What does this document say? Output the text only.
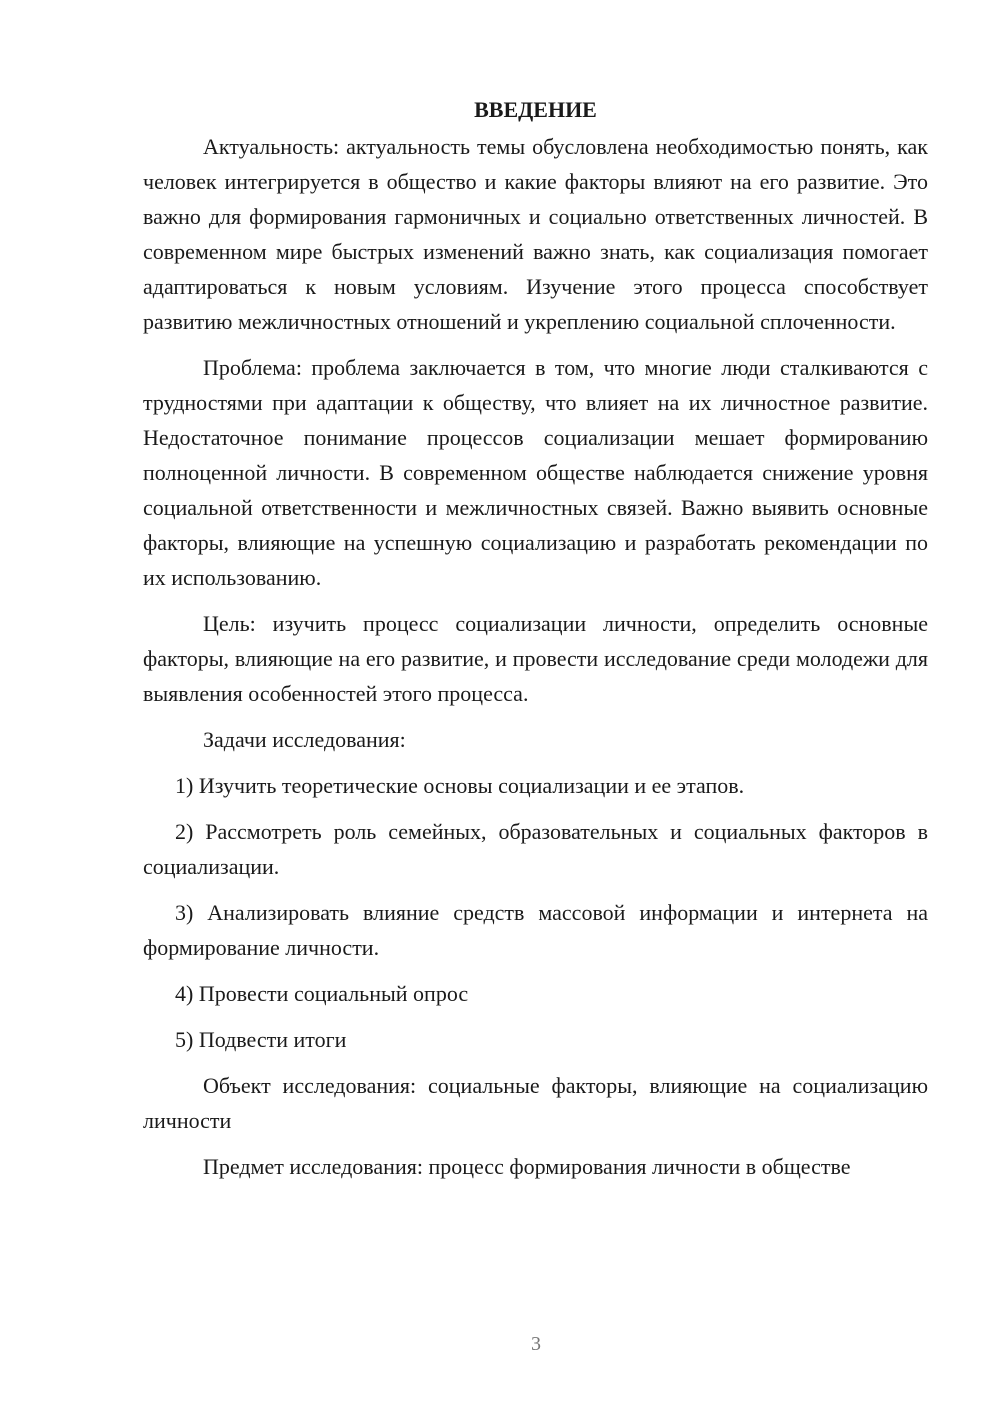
ВВЕДЕНИЕ

Актуальность: актуальность темы обусловлена необходимостью понять, как человек интегрируется в общество и какие факторы влияют на его развитие. Это важно для формирования гармоничных и социально ответственных личностей. В современном мире быстрых изменений важно знать, как социализация помогает адаптироваться к новым условиям. Изучение этого процесса способствует развитию межличностных отношений и укреплению социальной сплоченности.

Проблема: проблема заключается в том, что многие люди сталкиваются с трудностями при адаптации к обществу, что влияет на их личностное развитие. Недостаточное понимание процессов социализации мешает формированию полноценной личности. В современном обществе наблюдается снижение уровня социальной ответственности и межличностных связей. Важно выявить основные факторы, влияющие на успешную социализацию и разработать рекомендации по их использованию.

Цель: изучить процесс социализации личности, определить основные факторы, влияющие на его развитие, и провести исследование среди молодежи для выявления особенностей этого процесса.

Задачи исследования:

1) Изучить теоретические основы социализации и ее этапов.

2) Рассмотреть роль семейных, образовательных и социальных факторов в социализации.

3) Анализировать влияние средств массовой информации и интернета на формирование личности.

4) Провести социальный опрос

5) Подвести итоги

Объект исследования: социальные факторы, влияющие на социализацию личности

Предмет исследования: процесс формирования личности в обществе

3
